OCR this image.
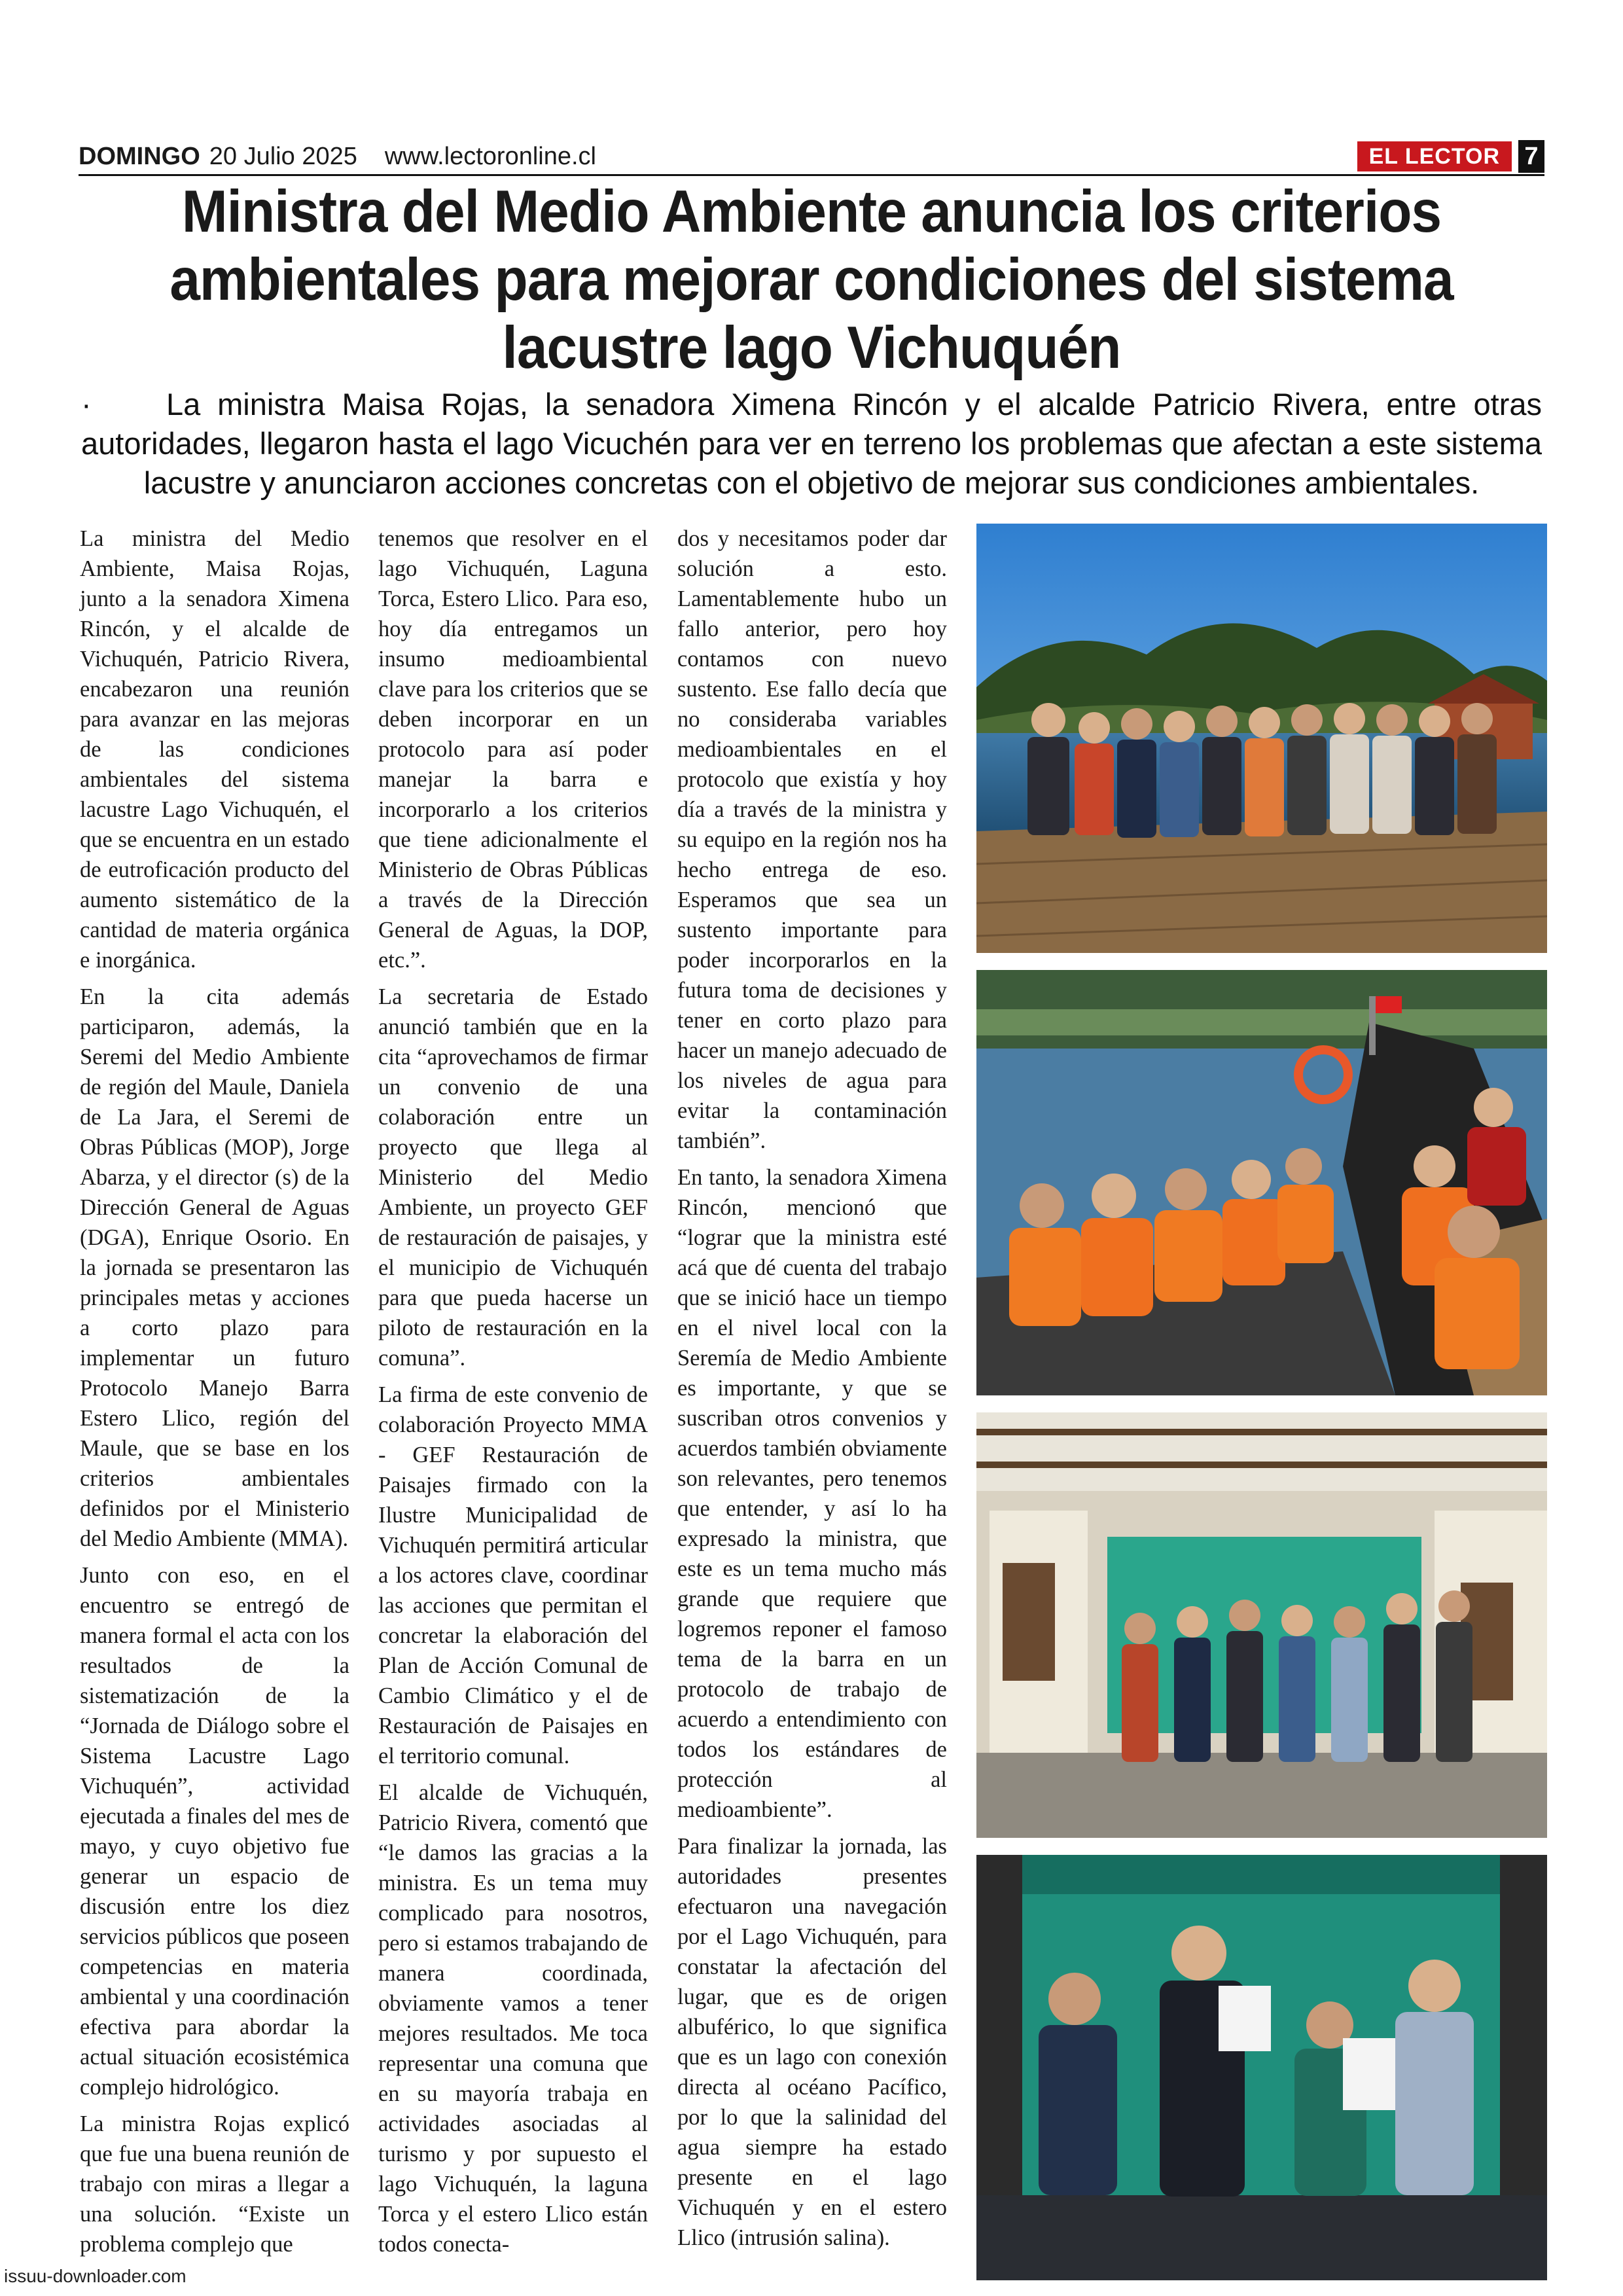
DOMINGO 20 Julio 2025 www.lectoronline.cl	EL LECTOR 7
Ministra del Medio Ambiente anuncia los criterios ambientales para mejorar condiciones del sistema lacustre lago Vichuquén
·	La ministra Maisa Rojas, la senadora Ximena Rincón y el alcalde Patricio Rivera, entre otras autoridades, llegaron hasta el lago Vicuchén para ver en terreno los problemas que afectan a este sistema lacustre y anunciaron acciones concretas con el objetivo de mejorar sus condiciones ambientales.

La ministra del Medio Ambiente, Maisa Rojas, junto a la senadora Ximena Rincón, y el alcalde de Vichuquén, Patricio Rivera, encabezaron una reunión para avanzar en las mejoras de las condiciones ambientales del sistema lacustre Lago Vichuquén, el que se encuentra en un estado de eutroficación producto del aumento sistemático de la cantidad de materia orgánica e inorgánica.

En la cita además participaron, además, la Seremi del Medio Ambiente de región del Maule, Daniela de La Jara, el Seremi de Obras Públicas (MOP), Jorge Abarza, y el director (s) de la Dirección General de Aguas (DGA), Enrique Osorio. En la jornada se presentaron las principales metas y acciones a corto plazo para implementar un futuro Protocolo Manejo Barra Estero Llico, región del Maule, que se base en los criterios ambientales definidos por el Ministerio del Medio Ambiente (MMA).

Junto con eso, en el encuentro se entregó de manera formal el acta con los resultados de la sistematización de la “Jornada de Diálogo sobre el Sistema Lacustre Lago Vichuquén”, actividad ejecutada a finales del mes de mayo, y cuyo objetivo fue generar un espacio de discusión entre los diez servicios públicos que poseen competencias en materia ambiental y una coordinación efectiva para abordar la actual situación ecosistémica complejo hidrológico.

La ministra Rojas explicó que fue una buena reunión de trabajo con miras a llegar a una solución. “Existe un problema complejo que

tenemos que resolver en el lago Vichuquén, Laguna Torca, Estero Llico. Para eso, hoy día entregamos un insumo medioambiental clave para los criterios que se deben incorporar en un protocolo para así poder manejar la barra e incorporarlo a los criterios que tiene adicionalmente el Ministerio de Obras Públicas a través de la Dirección General de Aguas, la DOP, etc.”.

La secretaria de Estado anunció también que en la cita “aprovechamos de firmar un convenio de una colaboración entre un proyecto que llega al Ministerio del Medio Ambiente, un proyecto GEF de restauración de paisajes, y el municipio de Vichuquén para que pueda hacerse un piloto de restauración en la comuna”.

La firma de este convenio de colaboración Proyecto MMA - GEF Restauración de Paisajes firmado con la Ilustre Municipalidad de Vichuquén permitirá articular a los actores clave, coordinar las acciones que permitan el concretar la elaboración del Plan de Acción Comunal de Cambio Climático y el de Restauración de Paisajes en el territorio comunal.

El alcalde de Vichuquén, Patricio Rivera, comentó que “le damos las gracias a la ministra. Es un tema muy complicado para nosotros, pero si estamos trabajando de manera coordinada, obviamente vamos a tener mejores resultados. Me toca representar una comuna que en su mayoría trabaja en actividades asociadas al turismo y por supuesto el lago Vichuquén, la laguna Torca y el estero Llico están todos conecta-

dos y necesitamos poder dar solución a esto. Lamentablemente hubo un fallo anterior, pero hoy contamos con nuevo sustento. Ese fallo decía que no consideraba variables medioambientales en el protocolo que existía y hoy día a través de la ministra y su equipo en la región nos ha hecho entrega de eso. Esperamos que sea un sustento importante para poder incorporarlos en la futura toma de decisiones y tener en corto plazo para hacer un manejo adecuado de los niveles de agua para evitar la contaminación también”.

En tanto, la senadora Ximena Rincón, mencionó que “lograr que la ministra esté acá que dé cuenta del trabajo que se inició hace un tiempo en el nivel local con la Seremía de Medio Ambiente es importante, y que se suscriban otros convenios y acuerdos también obviamente son relevantes, pero tenemos que entender, y así lo ha expresado la ministra, que este es un tema mucho más grande que requiere que logremos reponer el famoso tema de la barra en un protocolo de trabajo de acuerdo a entendimiento con todos los estándares de protección al medioambiente”.

Para finalizar la jornada, las autoridades presentes efectuaron una navegación por el Lago Vichuquén, para constatar la afectación del lugar, que es de origen albuférico, lo que significa que es un lago con conexión directa al océano Pacífico, por lo que la salinidad del agua siempre ha estado presente en el lago Vichuquén y en el estero Llico (intrusión salina).

issuu-downloader.com
